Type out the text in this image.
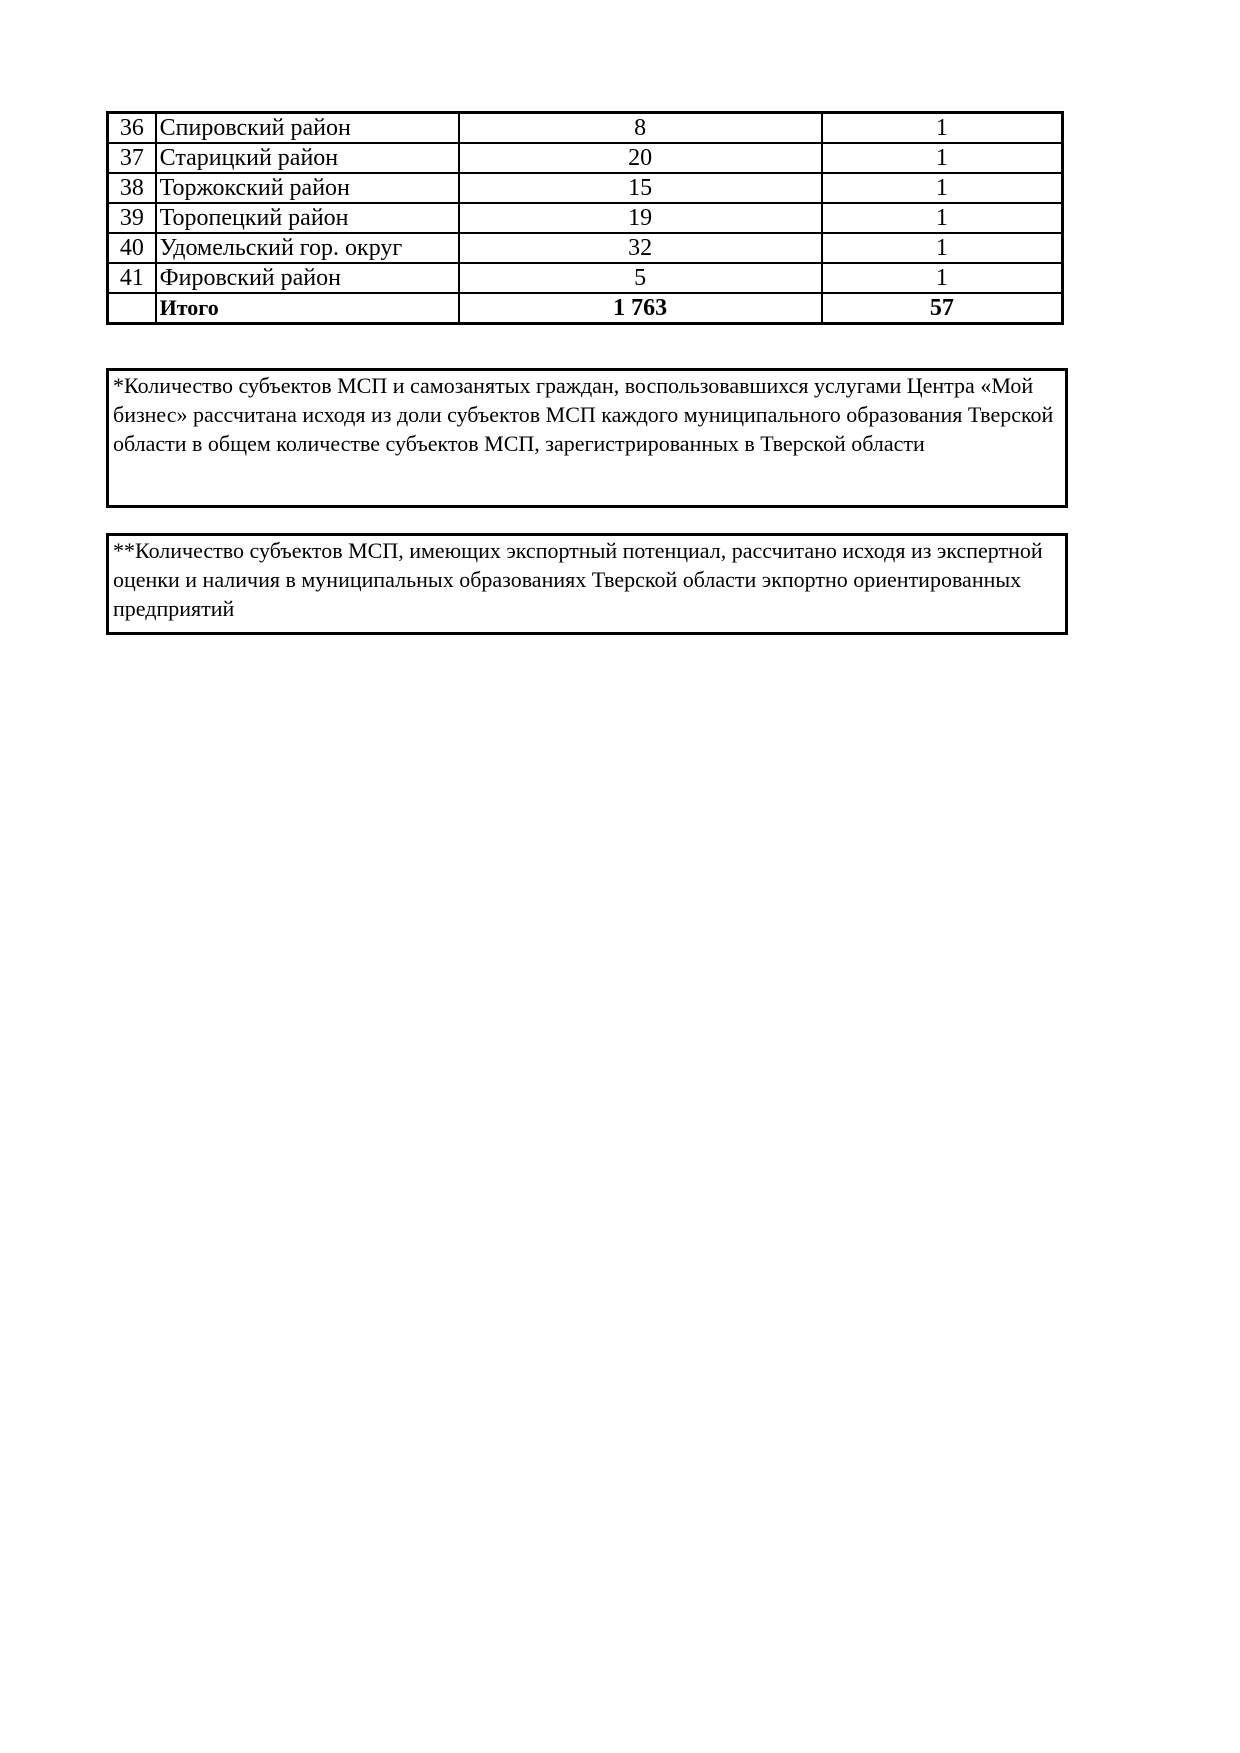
36	Спировский район	8	1
37	Старицкий район	20	1
38	Торжокский район	15	1
39	Торопецкий район	19	1
40	Удомельский гор. округ	32	1
41	Фировский район	5	1
	Итого	1 763	57
*Количество субъектов МСП и самозанятых граждан, воспользовавшихся услугами Центра «Мой бизнес» рассчитана исходя из доли субъектов МСП каждого муниципального образования Тверской области в общем количестве субъектов МСП, зарегистрированных в Тверской области
**Количество субъектов МСП, имеющих экспортный потенциал, рассчитано исходя из экспертной оценки и наличия в муниципальных образованиях Тверской области экпортно ориентированных предприятий
